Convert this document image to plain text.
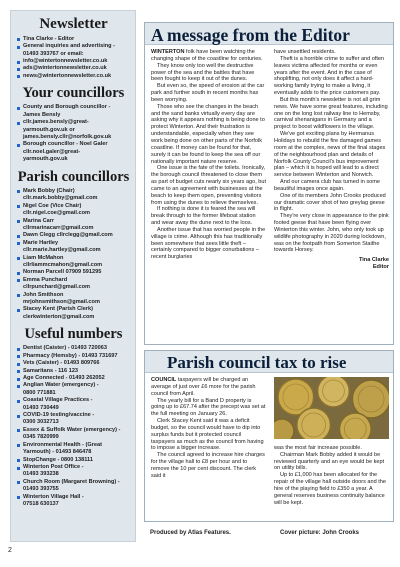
Newsletter
Tina Clarke - Editor
General inquiries and advertising -
01493 393767 or email:
info@wintertonnewsletter.co.uk
ads@wintertonnewsletter.co.uk
news@wintertonnewsletter.co.uk
Your councillors
County and Borough councillor -
James Bensly
cllr.james.bensly@great-
yarmouth.gov.uk or
james.bensly.cllr@norfolk.gov.uk
Borough councillor - Noel Galer
cllr.noel.galer@great-
yarmouth.gov.uk
Parish councillors
Mark Bobby (Chair)
cllr.mark.bobby@gmail.com
Nigel Coe (Vice Chair)
cllr.nigel.coe@gmail.com
Marina Carr
cllrmarinacarr@gmail.com
Dawn Clegg cllrclegg@gmail.com
Marie Hartley
cllr.marie.hartley@gmail.com
Liam McMahon
cllrliammcmahon@gmail.com
Norman Parcell 07909 591295
Emma Punchard
cllrpunchard@gmail.com
John Smithson
mrjohnsmithson@gmail.com
Stacey Kent (Parish Clerk)
clerkwinterton@gmail.com
Useful numbers
Dentist (Caister) - 01493 720063
Pharmacy (Hemsby) - 01493 731697
Vets (Caister) - 01493 809766
Samaritans - 116 123
Age Connected - 01493 262052
Anglian Water (emergency) -
0800 771881
Coastal Village Practices -
01493 730449
COVID-19 testing/vaccine -
0300 3032713
Essex & Suffolk Water (emergency) -
0345 7820999
Environmental Health - (Great
Yarmouth) - 01493 846478
StopChange - 0800 138111
Winterton Post Office -
01493 393238
Church Room (Margaret Browning) -
01493 393755
Winterton Village Hall -
07518 630137
A message from the Editor

WINTERTON folk have been watching the changing shape of the coastline for centuries.

They know only too well the destructive power of the sea and the battles that have been fought to keep it out of the dunes.

But even so, the speed of erosion at the car park and further south in recent months has been worrying.

Those who see the changes in the beach and the sand banks virtually every day are asking why it appears nothing is being done to protect Winterton. And their frustration is understandable, especially when they see work being done on other parts of the Norfolk coastline. If money can be found for that, surely it can be found to keep the sea off our nationally important nature reserve.

One issue is the fate of the toilets. Ironically, the borough council threatened to close them as part of budget cuts nearly six years ago, but came to an agreement with businesses at the beach to keep them open, preventing visitors from using the dunes to relieve themselves.

If nothing is done it is feared the sea will break through to the former lifeboat station and wear away the dune next to the loos.

Another issue that has worried people in the village is crime. Although this has traditionally been somewhere that sees little theft – certainly compared to bigger conurbations – recent burglaries

have unsettled residents.

Theft is a horrible crime to suffer and often leaves victims affected for months or even years after the event. And in the case of shoplifting, not only does it affect a hard-working family trying to make a living, it eventually adds to the price customers pay.

But this month's newsletter is not all grim news. We have some great features, including one on the long lost railway line to Hemsby, carnival shenanigans in Germany and a project to boost wildflowers in the village.

We've got exciting plans by Hermanus Holidays to rebuild the fire damaged games room at the complex, news of the final stages of the neighbourhood plan and details of Norfolk County Council's bus improvement plan – which it is hoped will lead to a direct service between Winterton and Norwich.

And our camera club has turned in some beautiful images once again.

One of its members John Crooks produced our dramatic cover shot of two greylag geese in flight.

They're very close in appearance to the pink footed geese that have been flying over Winterton this winter. John, who only took up wildlife photography in 2020 during lockdown, was on the footpath from Somerton Staithe towards Horsey.

Tina Clarke
Editor
Parish council tax to rise

COUNCIL taxpayers will be charged an average of just over £6 more for the parish council from April.

The yearly bill for a Band D property is going up to £67.74 after the precept was set at the full meeting on January 26.

Clerk Stacey Kent said it was a deficit budget, so the council would have to dip into surplus funds but it protected council taxpayers as much as the council from having to impose a bigger increase.

The council agreed to increase hire charges for the village hall to £8 per hour and to remove the 10 per cent discount. The clerk said it

was the most fair increase possible.

Chairman Mark Bobby added it would be reviewed quarterly and an eye would be kept on utility bills.

Up to £1,000 has been allocated for the repair of the village hall outside doors and the hire of the playing field to £350 a year. A general reserves business continuity balance will be kept.

Produced by Atlas Features.	Cover picture: John Crooks
2
